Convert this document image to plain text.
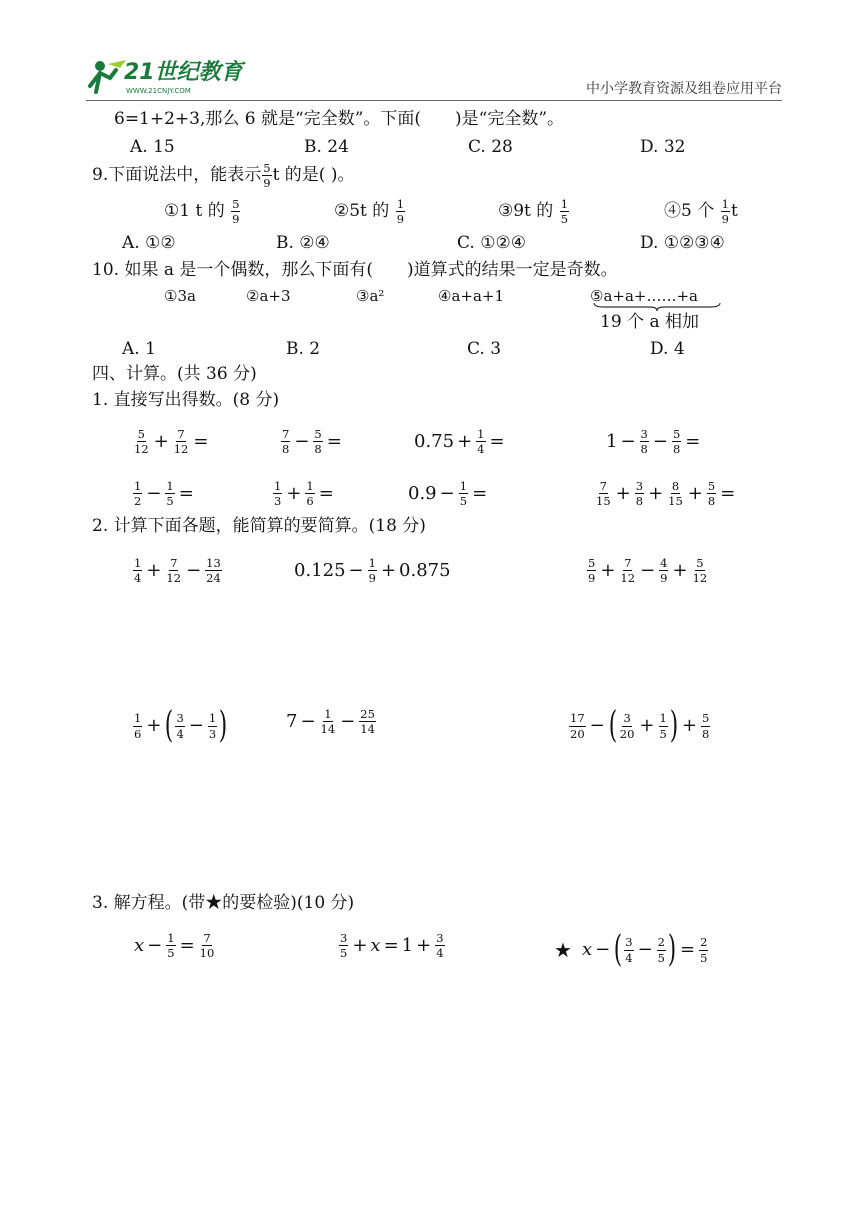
21世纪教育
WWW.21CNJY.COM	中小学教育资源及组卷应用平台
6=1+2+3,那么 6 就是“完全数”。下面(　　)是“完全数”。
A. 15	B. 24	C. 28	D. 32
9.下面说法中，能表示 $\frac{5}{9}$ t 的是( )。
①1 t 的
$\frac{5}{9}$	②5t 的
$\frac{1}{9}$	③9t 的
$\frac{1}{5}$	④5 个
$\frac{1}{9}$ t
A. ①②	B. ②④	C. ①②④	D. ①②③④
10. 如果 a 是一个偶数，那么下面有(　　)道算式的结果一定是奇数。
①3a	②a+3	③a²	④a+a+1	⑤a+a+……+a
19 个 a 相加
A. 1	B. 2	C. 3	D. 4
四、计算。(共 36 分)
1. 直接写出得数。(8 分)
$\frac{5}{12} + \frac{7}{12}$ =	$\frac{7}{8} - \frac{5}{8}$ =	$0.75 + \frac{1}{4}$ =	$1 - \frac{3}{8} - \frac{5}{8}$ =
$\frac{1}{2} - \frac{1}{5}$ =	$\frac{1}{3} + \frac{1}{6}$ =	$0.9 - \frac{1}{5}$ =	$\frac{7}{15} + \frac{3}{8} + \frac{8}{15} + \frac{5}{8}$ =
2. 计算下面各题，能简算的要简算。(18 分)
$\frac{1}{4} + \frac{7}{12} - \frac{13}{24}$	$0.125 - \frac{1}{9} + 0.875$	$\frac{5}{9} + \frac{7}{12} - \frac{4}{9} + \frac{5}{12}$
$\frac{1}{6}$ + ( $\frac{3}{4} - \frac{1}{3}$ )	$7 - \frac{1}{14} - \frac{25}{14}$	$\frac{17}{20}$ − ( $\frac{3}{20} + \frac{1}{5}$ ) + $\frac{5}{8}$
3. 解方程。(带★的要检验)(10 分)
$x - \frac{1}{5} = \frac{7}{10}$	$\frac{3}{5} + x = 1 + \frac{3}{4}$	★ x − ( $\frac{3}{4} - \frac{2}{5}$ ) = $\frac{2}{5}$
